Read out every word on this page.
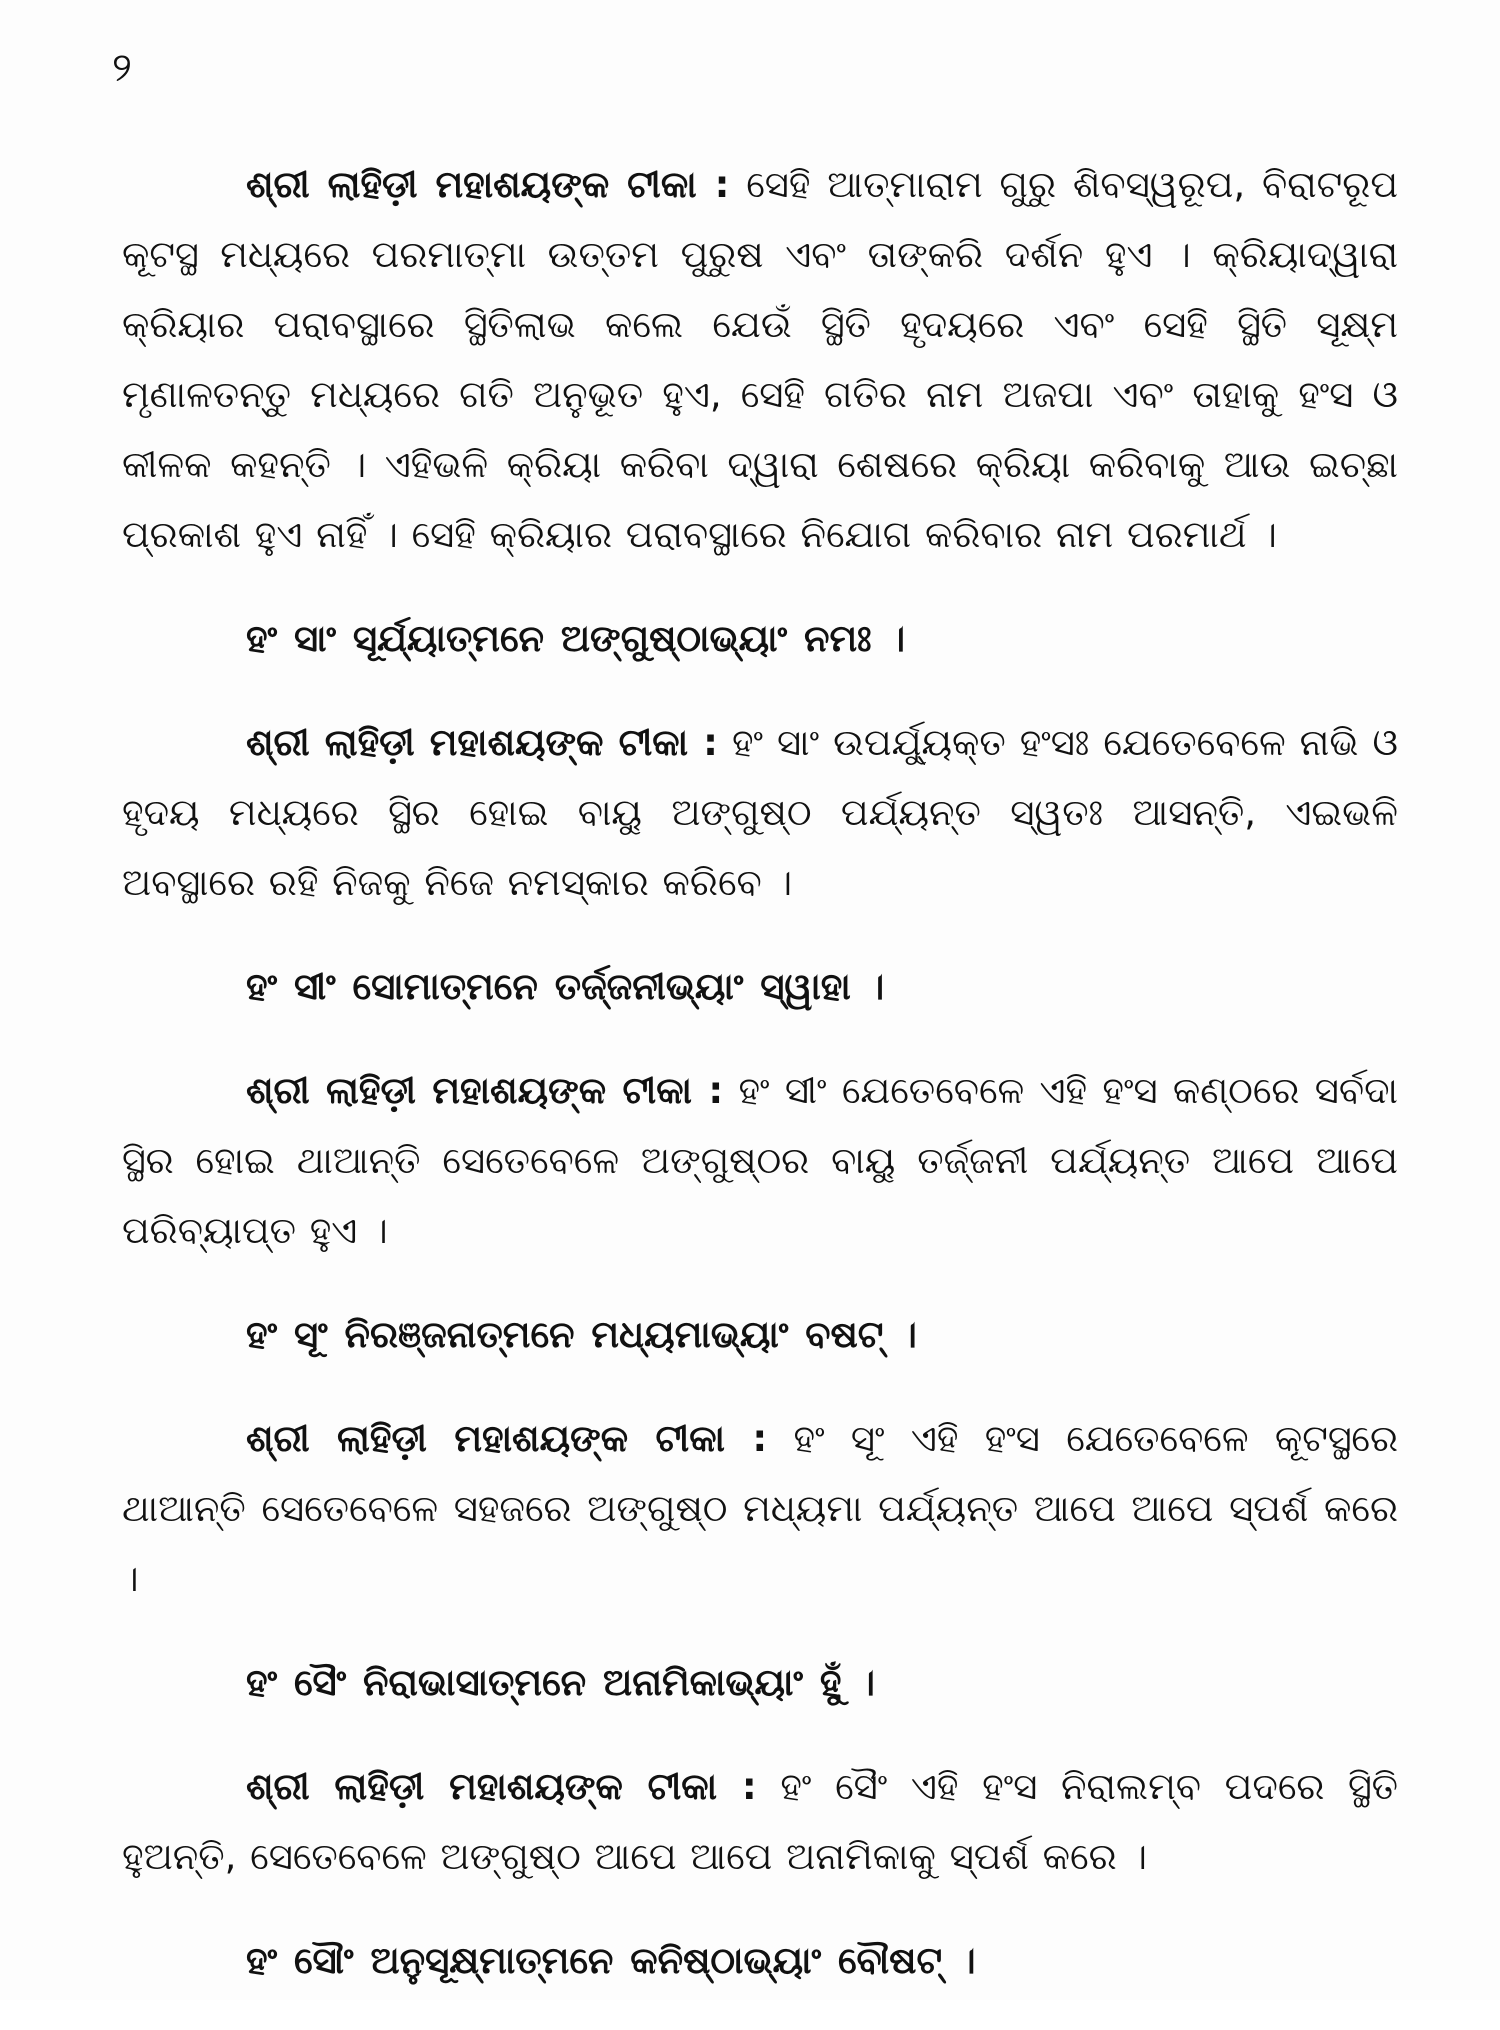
୨

ଶ୍ରୀ ଲାହିଡ଼ୀ ମହାଶୟଙ୍କ ଟୀକା : ସେହି ଆତ୍ମାରାମ ଗୁରୁ ଶିବସ୍ୱରୂପ, ବିରାଟରୂପ କୂଟସ୍ଥ ମଧ୍ୟରେ ପରମାତ୍ମା ଉତ୍ତମ ପୁରୁଷ ଏବଂ ତାଙ୍କରି ଦର୍ଶନ ହୁଏ । କ୍ରିୟାଦ୍ୱାରା କ୍ରିୟାର ପରାବସ୍ଥାରେ ସ୍ଥିତିଲାଭ କଲେ ଯେଉଁ ସ୍ଥିତି ହୃଦୟରେ ଏବଂ ସେହି ସ୍ଥିତି ସୂକ୍ଷ୍ମ ମୃଣାଳତନ୍ତୁ ମଧ୍ୟରେ ଗତି ଅନୁଭୂତ ହୁଏ, ସେହି ଗତିର ନାମ ଅଜପା ଏବଂ ତାହାକୁ ହଂସ ଓ କୀଳକ କହନ୍ତି । ଏହିଭଳି କ୍ରିୟା କରିବା ଦ୍ୱାରା ଶେଷରେ କ୍ରିୟା କରିବାକୁ ଆଉ ଇଚ୍ଛା ପ୍ରକାଶ ହୁଏ ନାହିଁ । ସେହି କ୍ରିୟାର ପରାବସ୍ଥାରେ ନିଯୋଗ କରିବାର ନାମ ପରମାର୍ଥ ।

ହଂ ସାଂ ସୂର୍ଯ୍ୟାତ୍ମନେ ଅଙ୍ଗୁଷ୍ଠାଭ୍ୟାଂ ନମଃ ।

ଶ୍ରୀ ଲାହିଡ଼ୀ ମହାଶୟଙ୍କ ଟୀକା : ହଂ ସାଂ ଉପର୍ଯ୍ୟୁକ୍ତ ହଂସଃ ଯେତେବେଳେ ନାଭି ଓ ହୃଦୟ ମଧ୍ୟରେ ସ୍ଥିର ହୋଇ ବାୟୁ ଅଙ୍ଗୁଷ୍ଠ ପର୍ଯ୍ୟନ୍ତ ସ୍ୱତଃ ଆସନ୍ତି, ଏଇଭଳି ଅବସ୍ଥାରେ ରହି ନିଜକୁ ନିଜେ ନମସ୍କାର କରିବେ ।

ହଂ ସୀଂ ସୋମାତ୍ମନେ ତର୍ଜ୍ଜନୀଭ୍ୟାଂ ସ୍ୱାହା ।

ଶ୍ରୀ ଲାହିଡ଼ୀ ମହାଶୟଙ୍କ ଟୀକା : ହଂ ସୀଂ ଯେତେବେଳେ ଏହି ହଂସ କଣ୍ଠରେ ସର୍ବଦା ସ୍ଥିର ହୋଇ ଥାଆନ୍ତି ସେତେବେଳେ ଅଙ୍ଗୁଷ୍ଠର ବାୟୁ ତର୍ଜ୍ଜନୀ ପର୍ଯ୍ୟନ୍ତ ଆପେ ଆପେ ପରିବ୍ୟାପ୍ତ ହୁଏ ।

ହଂ ସୂଂ ନିରଞ୍ଜନାତ୍ମନେ ମଧ୍ୟମାଭ୍ୟାଂ ବଷଟ୍ ।

ଶ୍ରୀ ଲାହିଡ଼ୀ ମହାଶୟଙ୍କ ଟୀକା : ହଂ ସୂଂ ଏହି ହଂସ ଯେତେବେଳେ କୂଟସ୍ଥରେ ଥାଆନ୍ତି ସେତେବେଳେ ସହଜରେ ଅଙ୍ଗୁଷ୍ଠ ମଧ୍ୟମା ପର୍ଯ୍ୟନ୍ତ ଆପେ ଆପେ ସ୍ପର୍ଶ କରେ ।

ହଂ ସୈଂ ନିରାଭାସାତ୍ମନେ ଅନାମିକାଭ୍ୟାଂ ହୁଁ ।

ଶ୍ରୀ ଲାହିଡ଼ୀ ମହାଶୟଙ୍କ ଟୀକା : ହଂ ସୈଂ ଏହି ହଂସ ନିରାଲମ୍ବ ପଦରେ ସ୍ଥିତି ହୁଅନ୍ତି, ସେତେବେଳେ ଅଙ୍ଗୁଷ୍ଠ ଆପେ ଆପେ ଅନାମିକାକୁ ସ୍ପର୍ଶ କରେ ।

ହଂ ସୌଂ ଅନୁସୂକ୍ଷ୍ମାତ୍ମନେ କନିଷ୍ଠାଭ୍ୟାଂ ବୌଷଟ୍ ।
